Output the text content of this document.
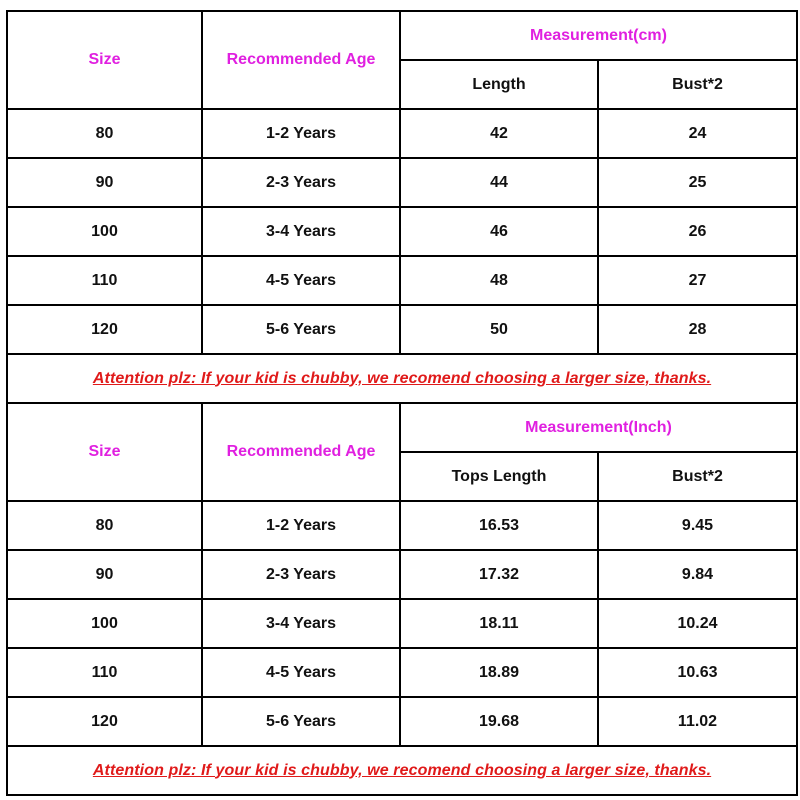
Size	Recommended Age	Measurement(cm)	
		Length	Bust*2
80	1-2 Years	42	24
90	2-3 Years	44	25
100	3-4 Years	46	26
110	4-5 Years	48	27
120	5-6 Years	50	28
Attention plz: If your kid is chubby, we recomend choosing a larger size, thanks.			
Size	Recommended Age	Measurement(Inch)	
		Tops Length	Bust*2
80	1-2 Years	16.53	9.45
90	2-3 Years	17.32	9.84
100	3-4 Years	18.11	10.24
110	4-5 Years	18.89	10.63
120	5-6 Years	19.68	11.02
Attention plz: If your kid is chubby, we recomend choosing a larger size, thanks.			
